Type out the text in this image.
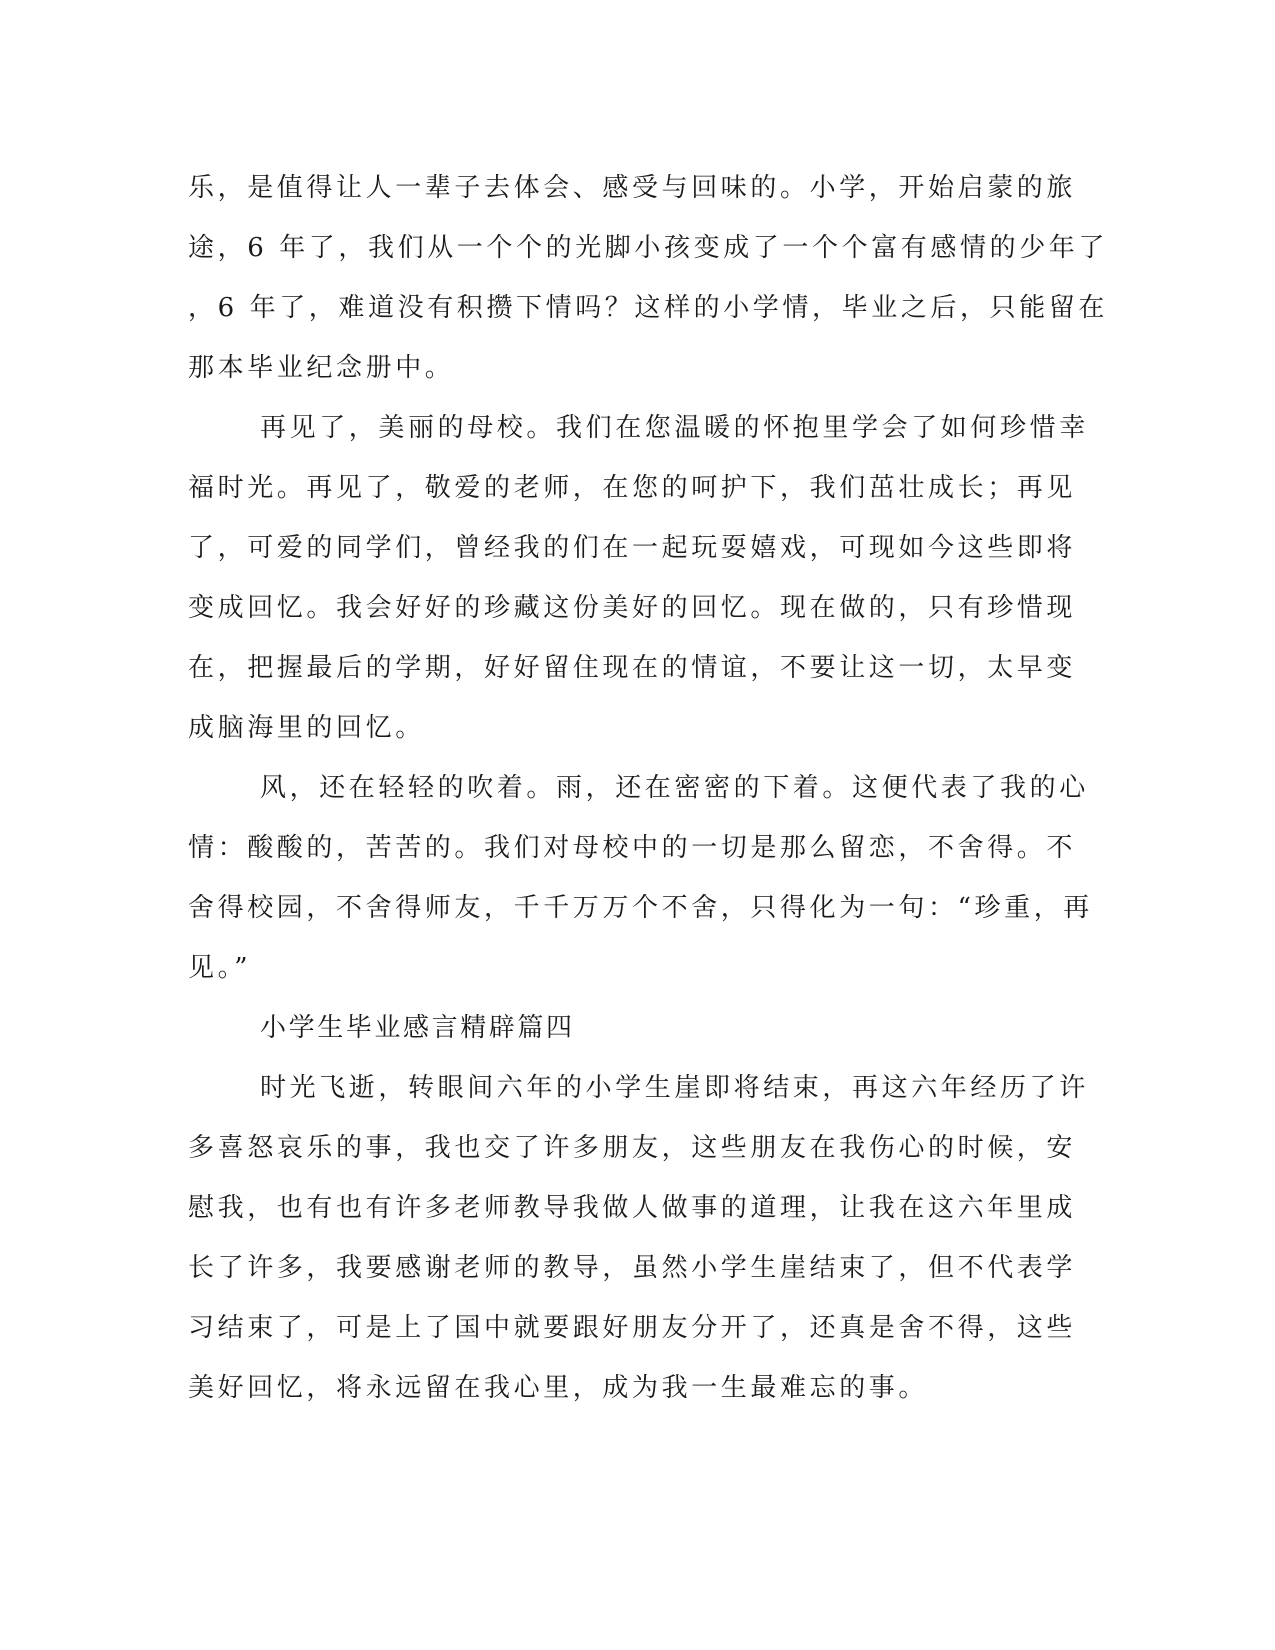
乐，是值得让人一辈子去体会、感受与回味的。小学，开始启蒙的旅
途，6 年了，我们从一个个的光脚小孩变成了一个个富有感情的少年了
，6 年了，难道没有积攒下情吗？这样的小学情，毕业之后，只能留在
那本毕业纪念册中。
再见了，美丽的母校。我们在您温暖的怀抱里学会了如何珍惜幸
福时光。再见了，敬爱的老师，在您的呵护下，我们茁壮成长；再见
了，可爱的同学们，曾经我的们在一起玩耍嬉戏，可现如今这些即将
变成回忆。我会好好的珍藏这份美好的回忆。现在做的，只有珍惜现
在，把握最后的学期，好好留住现在的情谊，不要让这一切，太早变
成脑海里的回忆。
风，还在轻轻的吹着。雨，还在密密的下着。这便代表了我的心
情：酸酸的，苦苦的。我们对母校中的一切是那么留恋，不舍得。不
舍得校园，不舍得师友，千千万万个不舍，只得化为一句：“珍重，再
见。”
小学生毕业感言精辟篇四
时光飞逝，转眼间六年的小学生崖即将结束，再这六年经历了许
多喜怒哀乐的事，我也交了许多朋友，这些朋友在我伤心的时候，安
慰我，也有也有许多老师教导我做人做事的道理，让我在这六年里成
长了许多，我要感谢老师的教导，虽然小学生崖结束了，但不代表学
习结束了，可是上了国中就要跟好朋友分开了，还真是舍不得，这些
美好回忆，将永远留在我心里，成为我一生最难忘的事。
